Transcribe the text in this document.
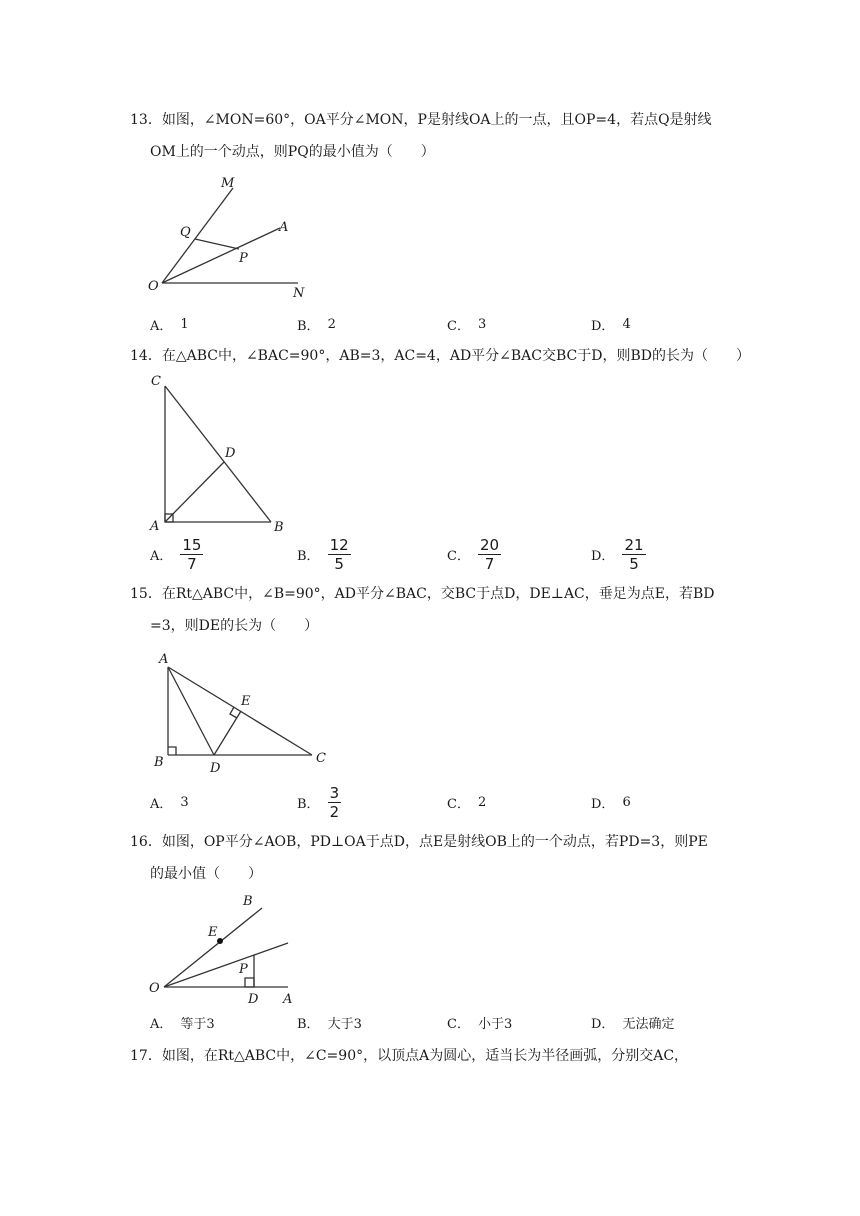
13．如图，∠MON=60°，OA平分∠MON，P是射线OA上的一点，且OP=4，若点Q是射线
OM上的一个动点，则PQ的最小值为（　　）
M
Q	A
P
O	N
A． 1	B． 2	C． 3	D． 4
14．在△ABC中，∠BAC=90°，AB=3，AC=4，AD平分∠BAC交BC于D，则BD的长为（　　）
C
D
A	B
A． $\frac{15}{7}$	B． $\frac{12}{5}$	C． $\frac{20}{7}$	D． $\frac{21}{5}$
15．在Rt△ABC中，∠B=90°，AD平分∠BAC，交BC于点D，DE⊥AC，垂足为点E，若BD
=3，则DE的长为（　　）
A
E
B	D
C
A． 3	B． $\frac{3}{2}$	C． 2	D． 6
16．如图，OP平分∠AOB，PD⊥OA于点D，点E是射线OB上的一个动点，若PD=3，则PE
的最小值（　　）
B
E
P
O
D A
A． 等于3	B． 大于3	C． 小于3	D． 无法确定
17．如图，在Rt△ABC中，∠C=90°，以顶点A为圆心，适当长为半径画弧，分别交AC，
